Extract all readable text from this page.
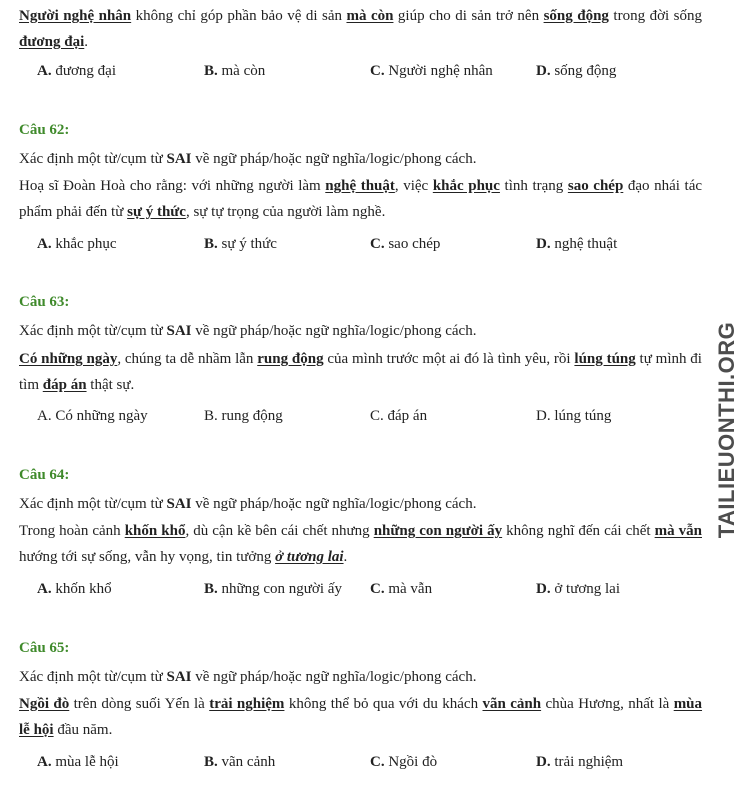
Người nghệ nhân không chỉ góp phần bảo vệ di sản mà còn giúp cho di sản trở nên sống động trong đời sống đương đại.

A. đương đại	B. mà còn	C. Người nghệ nhân	D. sống động

Câu 62:

Xác định một từ/cụm từ SAI về ngữ pháp/hoặc ngữ nghĩa/logic/phong cách.

Hoạ sĩ Đoàn Hoà cho rằng: với những người làm nghệ thuật, việc khắc phục tình trạng sao chép đạo nhái tác phẩm phải đến từ sự ý thức, sự tự trọng của người làm nghề.

A. khắc phục	B. sự ý thức	C. sao chép	D. nghệ thuật

Câu 63:

Xác định một từ/cụm từ SAI về ngữ pháp/hoặc ngữ nghĩa/logic/phong cách.

Có những ngày, chúng ta dễ nhầm lẫn rung động của mình trước một ai đó là tình yêu, rồi lúng túng tự mình đi tìm đáp án thật sự.

A. Có những ngày	B. rung động	C. đáp án	D. lúng túng

Câu 64:

Xác định một từ/cụm từ SAI về ngữ pháp/hoặc ngữ nghĩa/logic/phong cách.

Trong hoàn cảnh khốn khổ, dù cận kề bên cái chết nhưng những con người ấy không nghĩ đến cái chết mà vẫn hướng tới sự sống, vẫn hy vọng, tin tưởng ở tương lai.

A. khốn khổ	B. những con người ấy C. mà vẫn	D. ở tương lai

Câu 65:

Xác định một từ/cụm từ SAI về ngữ pháp/hoặc ngữ nghĩa/logic/phong cách.

Ngồi đò trên dòng suối Yến là trải nghiệm không thể bỏ qua với du khách vãn cảnh chùa Hương, nhất là mùa lễ hội đầu năm.

A. mùa lễ hội	B. vãn cảnh	C. Ngồi đò	D. trải nghiệm
TAILIEUONTHI.ORG
